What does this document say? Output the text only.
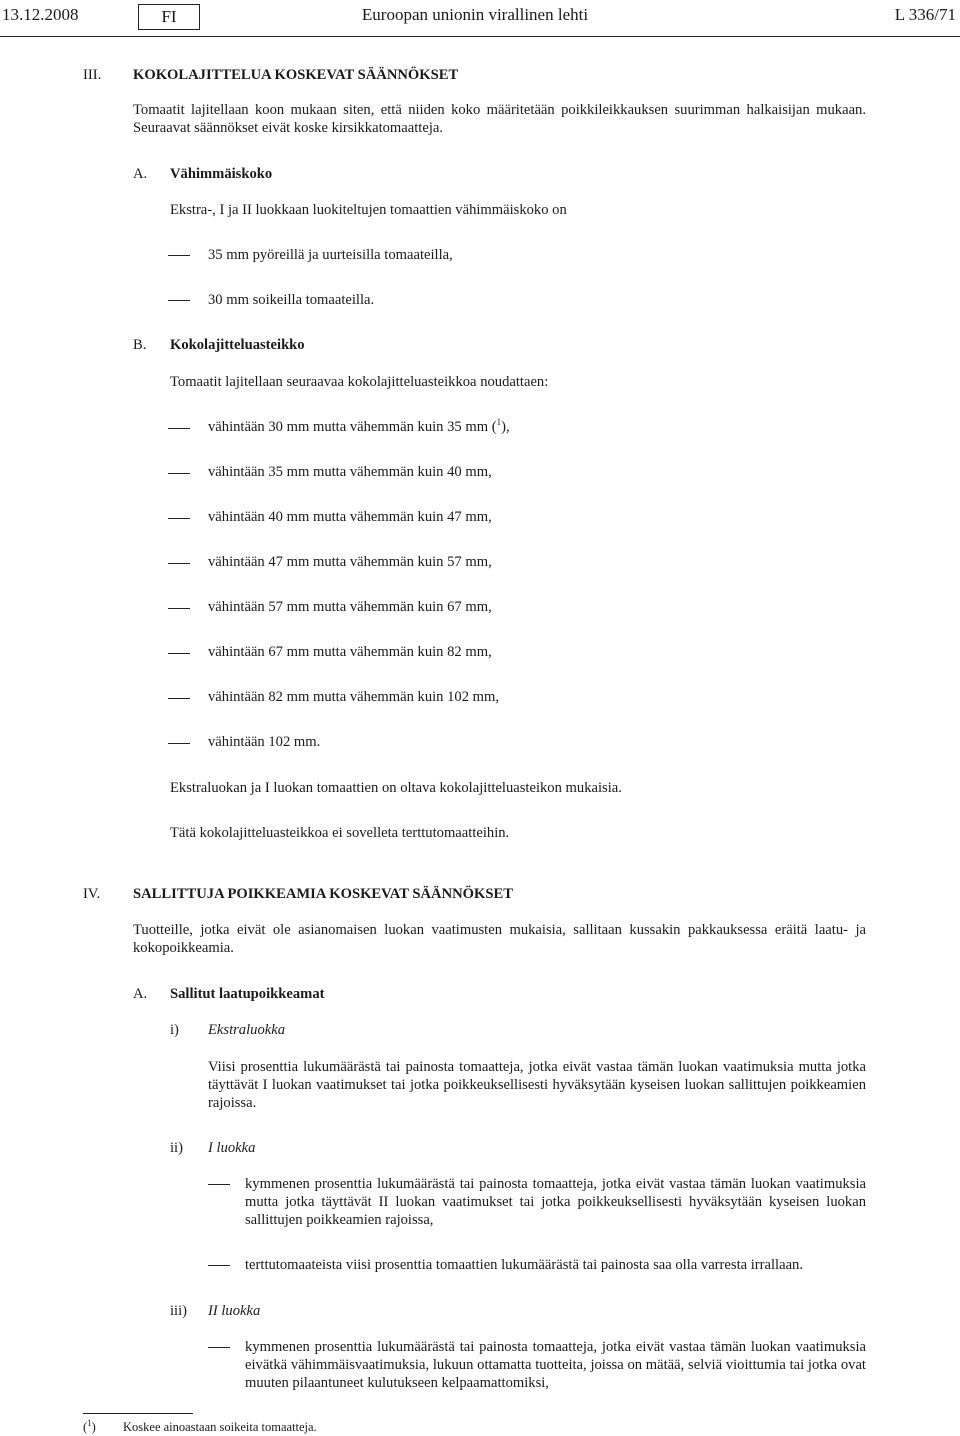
13.12.2008	FI	Euroopan unionin virallinen lehti	L 336/71
III. KOKOLAJITTELUA KOSKEVAT SÄÄNNÖKSET
Tomaatit lajitellaan koon mukaan siten, että niiden koko määritetään poikkileikkauksen suurimman halkaisijan mukaan. Seuraavat säännökset eivät koske kirsikkatomaatteja.
A. Vähimmäiskoko
Ekstra-, I ja II luokkaan luokiteltujen tomaattien vähimmäiskoko on
35 mm pyöreillä ja uurteisilla tomaateilla,
30 mm soikeilla tomaateilla.
B. Kokolajitteluasteikko
Tomaatit lajitellaan seuraavaa kokolajitteluasteikkoa noudattaen:
vähintään 30 mm mutta vähemmän kuin 35 mm ($^1$),
vähintään 35 mm mutta vähemmän kuin 40 mm,
vähintään 40 mm mutta vähemmän kuin 47 mm,
vähintään 47 mm mutta vähemmän kuin 57 mm,
vähintään 57 mm mutta vähemmän kuin 67 mm,
vähintään 67 mm mutta vähemmän kuin 82 mm,
vähintään 82 mm mutta vähemmän kuin 102 mm,
vähintään 102 mm.
Ekstraluokan ja I luokan tomaattien on oltava kokolajitteluasteikon mukaisia.
Tätä kokolajitteluasteikkoa ei sovelleta terttutomaatteihin.
IV. SALLITTUJA POIKKEAMIA KOSKEVAT SÄÄNNÖKSET
Tuotteille, jotka eivät ole asianomaisen luokan vaatimusten mukaisia, sallitaan kussakin pakkauksessa eräitä laatu- ja kokopoikkeamia.
A. Sallitut laatupoikkeamat
i) Ekstraluokka
Viisi prosenttia lukumäärästä tai painosta tomaatteja, jotka eivät vastaa tämän luokan vaatimuksia mutta jotka täyttävät I luokan vaatimukset tai jotka poikkeuksellisesti hyväksytään kyseisen luokan sallittujen poikkeamien rajoissa.
ii) I luokka
kymmenen prosenttia lukumäärästä tai painosta tomaatteja, jotka eivät vastaa tämän luokan vaatimuksia mutta jotka täyttävät II luokan vaatimukset tai jotka poikkeuksellisesti hyväksytään kyseisen luokan sallittujen poikkeamien rajoissa,
terttutomaateista viisi prosenttia tomaattien lukumäärästä tai painosta saa olla varresta irrallaan.
iii) II luokka
kymmenen prosenttia lukumäärästä tai painosta tomaatteja, jotka eivät vastaa tämän luokan vaatimuksia eivätkä vähimmäisvaatimuksia, lukuun ottamatta tuotteita, joissa on mätää, selviä vioittumia tai jotka ovat muuten pilaantuneet kulutukseen kelpaamattomiksi,
($^1$) Koskee ainoastaan soikeita tomaatteja.
